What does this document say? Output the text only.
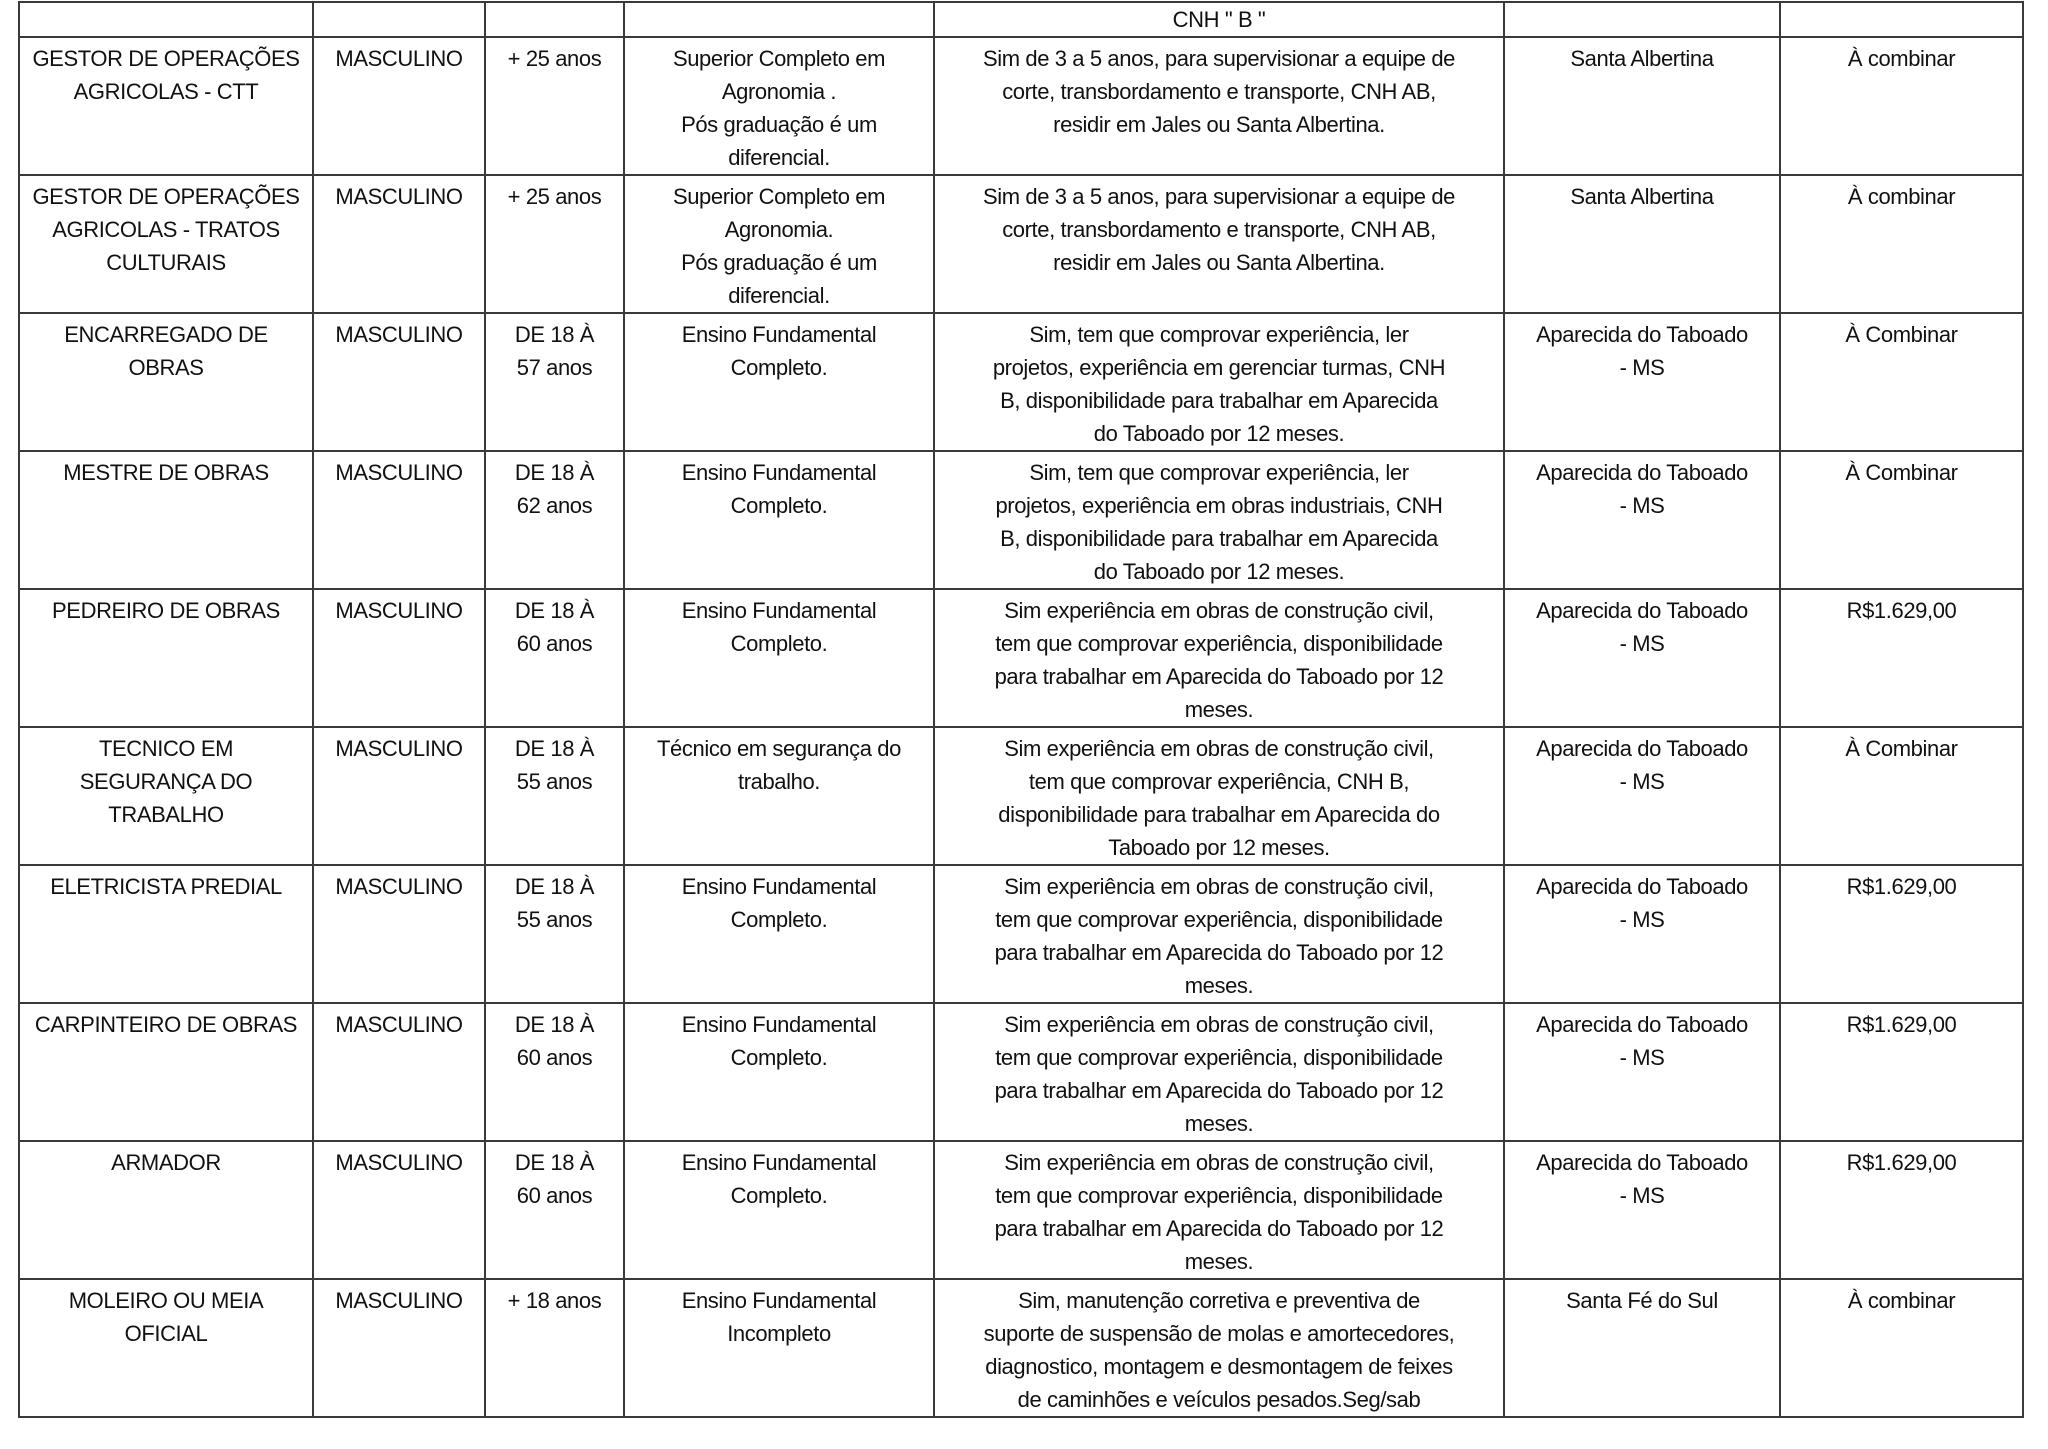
				CNH " B "		

GESTOR DE OPERAÇÕES
AGRICOLAS - CTT	MASCULINO	+ 25 anos	Superior Completo em
Agronomia .
Pós graduação é um
diferencial.	Sim de 3 a 5 anos, para supervisionar a equipe de
corte, transbordamento e transporte, CNH AB,
residir em Jales ou Santa Albertina.	Santa Albertina	À combinar

GESTOR DE OPERAÇÕES
AGRICOLAS - TRATOS
CULTURAIS	MASCULINO	+ 25 anos	Superior Completo em
Agronomia.
Pós graduação é um
diferencial.	Sim de 3 a 5 anos, para supervisionar a equipe de
corte, transbordamento e transporte, CNH AB,
residir em Jales ou Santa Albertina.	Santa Albertina	À combinar

ENCARREGADO DE
OBRAS	MASCULINO	DE 18 À
57 anos	Ensino Fundamental
Completo.	Sim, tem que comprovar experiência, ler
projetos, experiência em gerenciar turmas, CNH
B, disponibilidade para trabalhar em Aparecida
do Taboado por 12 meses.	Aparecida do Taboado
- MS	À Combinar

MESTRE DE OBRAS	MASCULINO	DE 18 À
62 anos	Ensino Fundamental
Completo.	Sim, tem que comprovar experiência, ler
projetos, experiência em obras industriais, CNH
B, disponibilidade para trabalhar em Aparecida
do Taboado por 12 meses.	Aparecida do Taboado
- MS	À Combinar

PEDREIRO DE OBRAS	MASCULINO	DE 18 À
60 anos	Ensino Fundamental
Completo.	Sim experiência em obras de construção civil,
tem que comprovar experiência, disponibilidade
para trabalhar em Aparecida do Taboado por 12
meses.	Aparecida do Taboado
- MS	R$1.629,00

TECNICO EM
SEGURANÇA DO
TRABALHO	MASCULINO	DE 18 À
55 anos	Técnico em segurança do
trabalho.	Sim experiência em obras de construção civil,
tem que comprovar experiência, CNH B,
disponibilidade para trabalhar em Aparecida do
Taboado por 12 meses.	Aparecida do Taboado
- MS	À Combinar

ELETRICISTA PREDIAL	MASCULINO	DE 18 À
55 anos	Ensino Fundamental
Completo.	Sim experiência em obras de construção civil,
tem que comprovar experiência, disponibilidade
para trabalhar em Aparecida do Taboado por 12
meses.	Aparecida do Taboado
- MS	R$1.629,00

CARPINTEIRO DE OBRAS	MASCULINO	DE 18 À
60 anos	Ensino Fundamental
Completo.	Sim experiência em obras de construção civil,
tem que comprovar experiência, disponibilidade
para trabalhar em Aparecida do Taboado por 12
meses.	Aparecida do Taboado
- MS	R$1.629,00

ARMADOR	MASCULINO	DE 18 À
60 anos	Ensino Fundamental
Completo.	Sim experiência em obras de construção civil,
tem que comprovar experiência, disponibilidade
para trabalhar em Aparecida do Taboado por 12
meses.	Aparecida do Taboado
- MS	R$1.629,00

MOLEIRO OU MEIA
OFICIAL	MASCULINO	+ 18 anos	Ensino Fundamental
Incompleto	Sim, manutenção corretiva e preventiva de
suporte de suspensão de molas e amortecedores,
diagnostico, montagem e desmontagem de feixes
de caminhões e veículos pesados.Seg/sab	Santa Fé do Sul	À combinar
